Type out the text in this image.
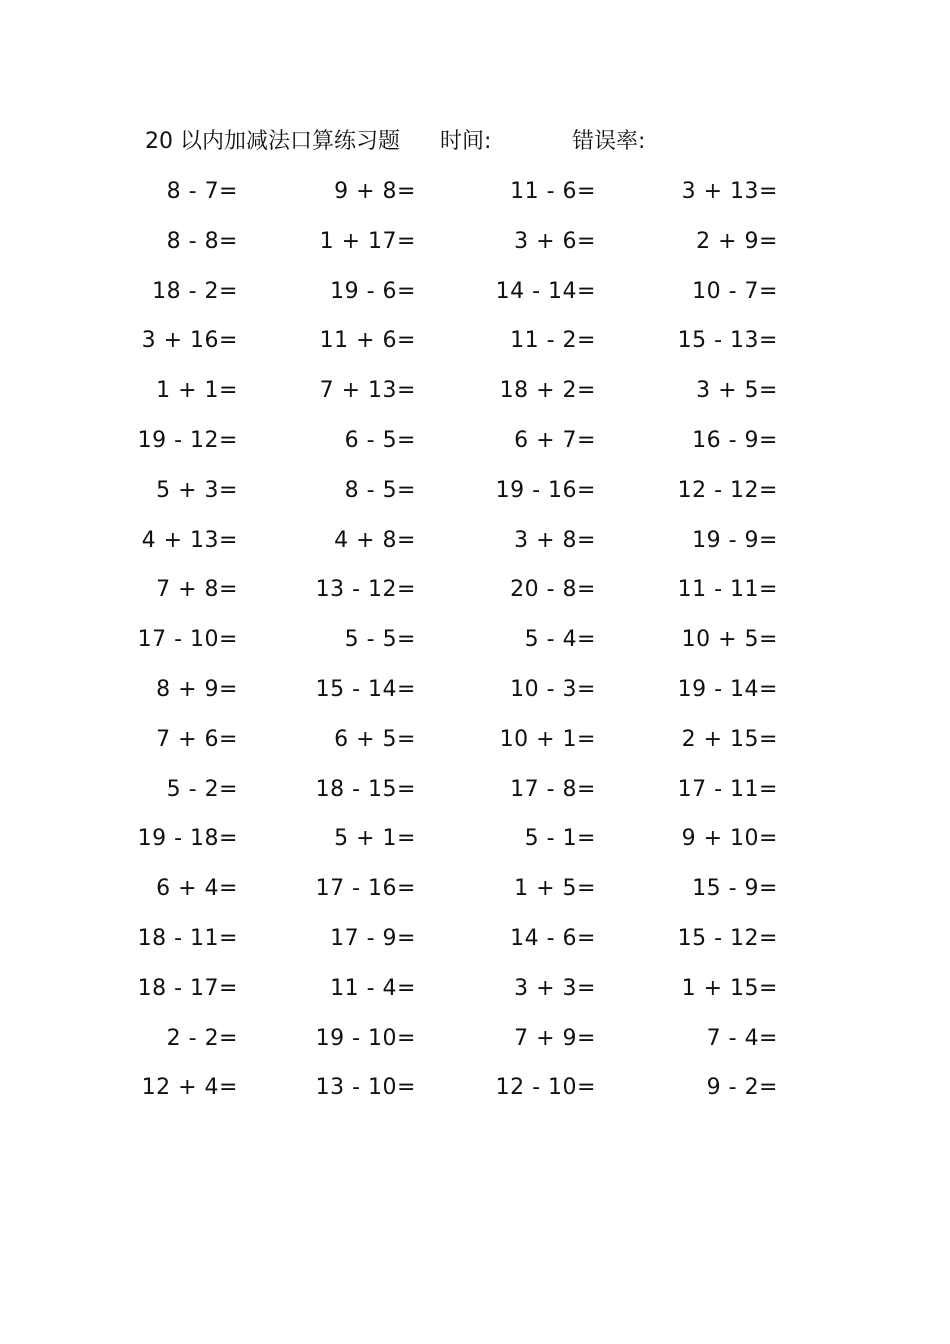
20 以内加减法口算练习题 时间:	错误率:
8 - 7=	9 + 8=	11 - 6=	3 + 13=
8 - 8=	1 + 17=	3 + 6=	2 + 9=
18 - 2=	19 - 6=	14 - 14=	10 - 7=
3 + 16=	11 + 6=	11 - 2=	15 - 13=
1 + 1=	7 + 13=	18 + 2=	3 + 5=
19 - 12=	6 - 5=	6 + 7=	16 - 9=
5 + 3=	8 - 5=	19 - 16=	12 - 12=
4 + 13=	4 + 8=	3 + 8=	19 - 9=
7 + 8=	13 - 12=	20 - 8=	11 - 11=
17 - 10=	5 - 5=	5 - 4=	10 + 5=
8 + 9=	15 - 14=	10 - 3=	19 - 14=
7 + 6=	6 + 5=	10 + 1=	2 + 15=
5 - 2=	18 - 15=	17 - 8=	17 - 11=
19 - 18=	5 + 1=	5 - 1=	9 + 10=
6 + 4=	17 - 16=	1 + 5=	15 - 9=
18 - 11=	17 - 9=	14 - 6=	15 - 12=
18 - 17=	11 - 4=	3 + 3=	1 + 15=
2 - 2=	19 - 10=	7 + 9=	7 - 4=
12 + 4=	13 - 10=	12 - 10=	9 - 2=
